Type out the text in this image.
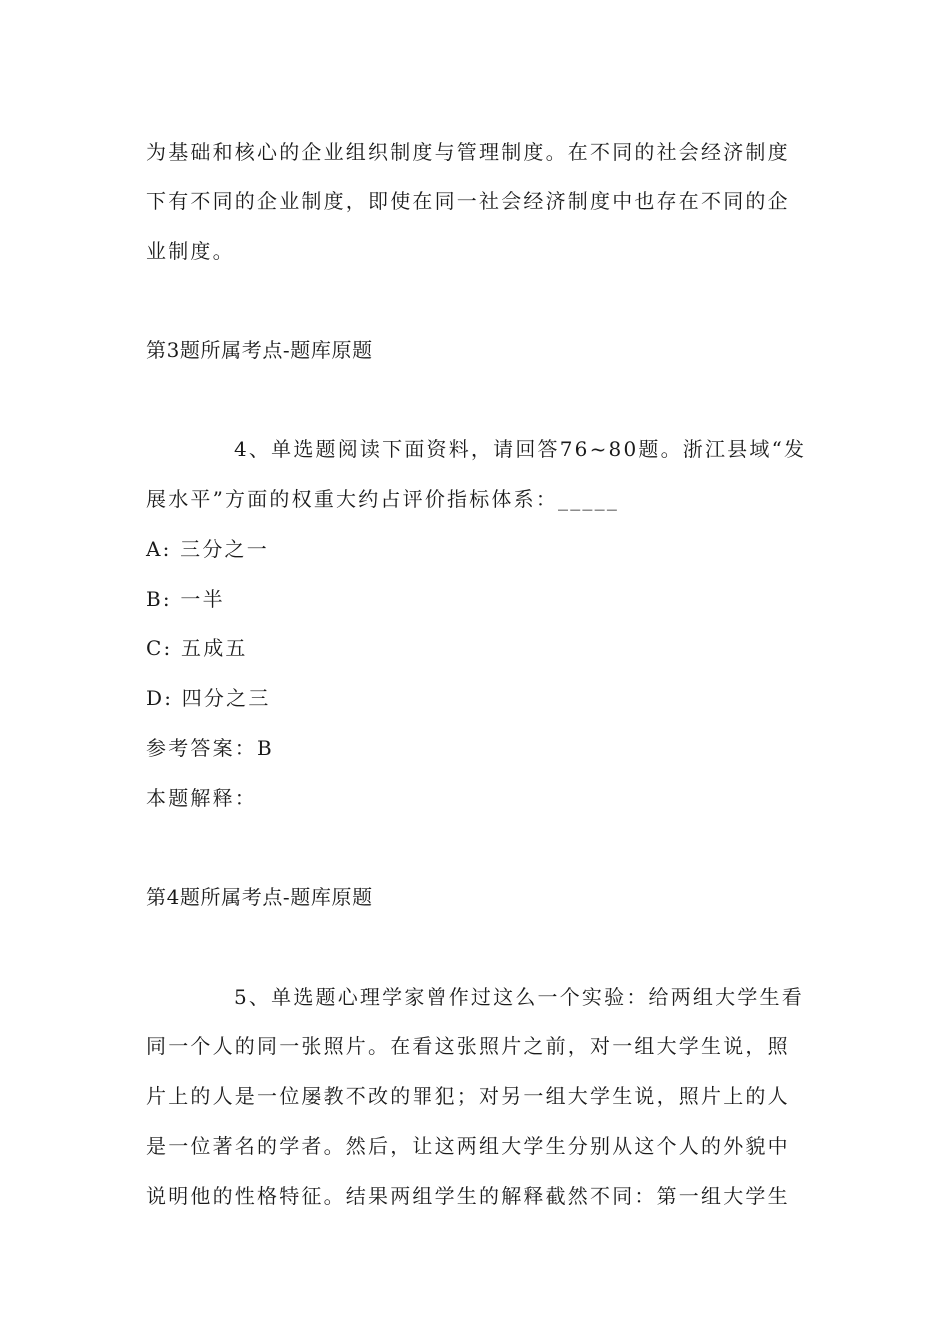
为基础和核心的企业组织制度与管理制度。在不同的社会经济制度
下有不同的企业制度，即使在同一社会经济制度中也存在不同的企
业制度。
第3题所属考点-题库原题
4、单选题阅读下面资料，请回答76~80题。浙江县域“发
展水平”方面的权重大约占评价指标体系：_____
A: 三分之一
B: 一半
C: 五成五
D: 四分之三
参考答案：B
本题解释：
第4题所属考点-题库原题
5、单选题心理学家曾作过这么一个实验：给两组大学生看
同一个人的同一张照片。在看这张照片之前，对一组大学生说，照
片上的人是一位屡教不改的罪犯；对另一组大学生说，照片上的人
是一位著名的学者。然后，让这两组大学生分别从这个人的外貌中
说明他的性格特征。结果两组学生的解释截然不同：第一组大学生
